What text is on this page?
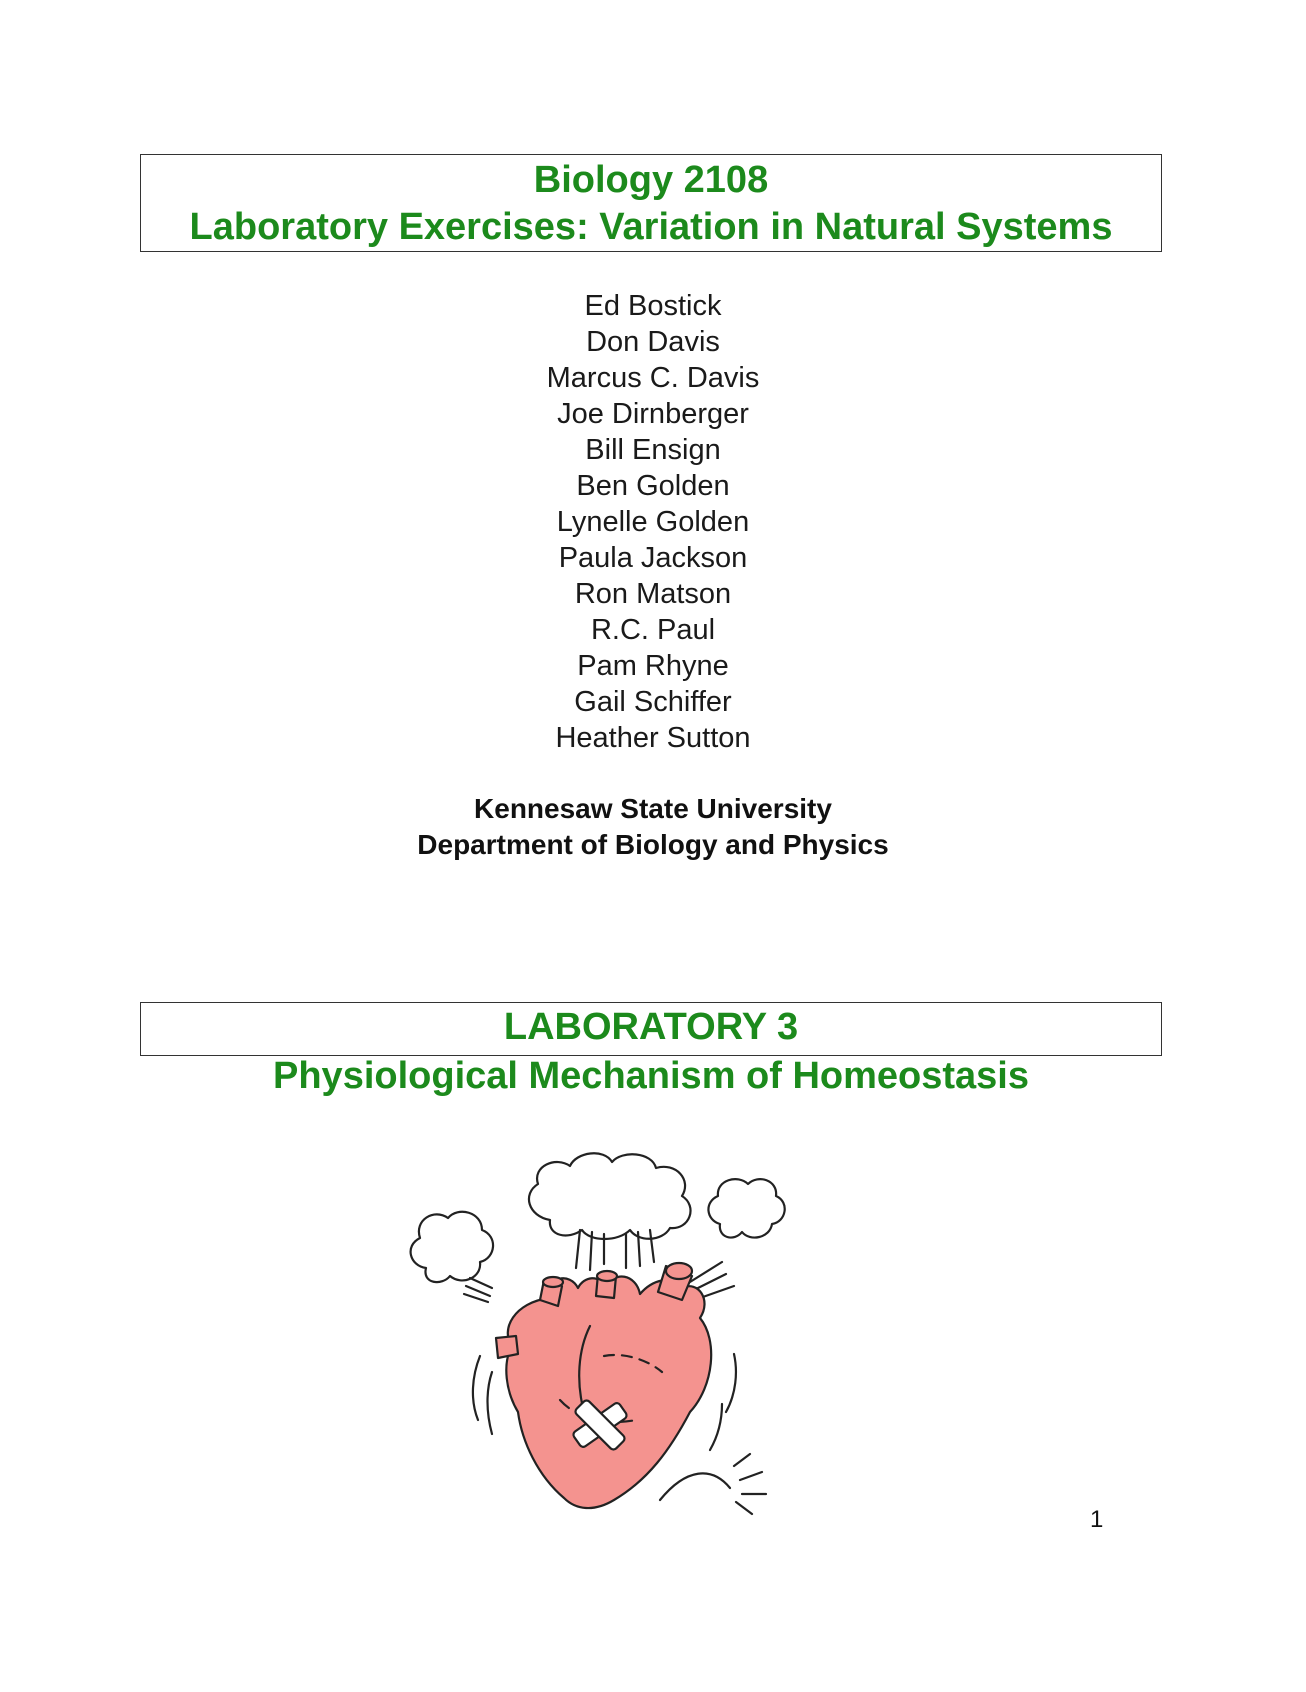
Biology 2108
Laboratory Exercises: Variation in Natural Systems
Ed Bostick
Don Davis
Marcus C. Davis
Joe Dirnberger
Bill Ensign
Ben Golden
Lynelle Golden
Paula Jackson
Ron Matson
R.C. Paul
Pam Rhyne
Gail Schiffer
Heather Sutton
Kennesaw State University
Department of Biology and Physics
LABORATORY 3
Physiological Mechanism of Homeostasis
1
